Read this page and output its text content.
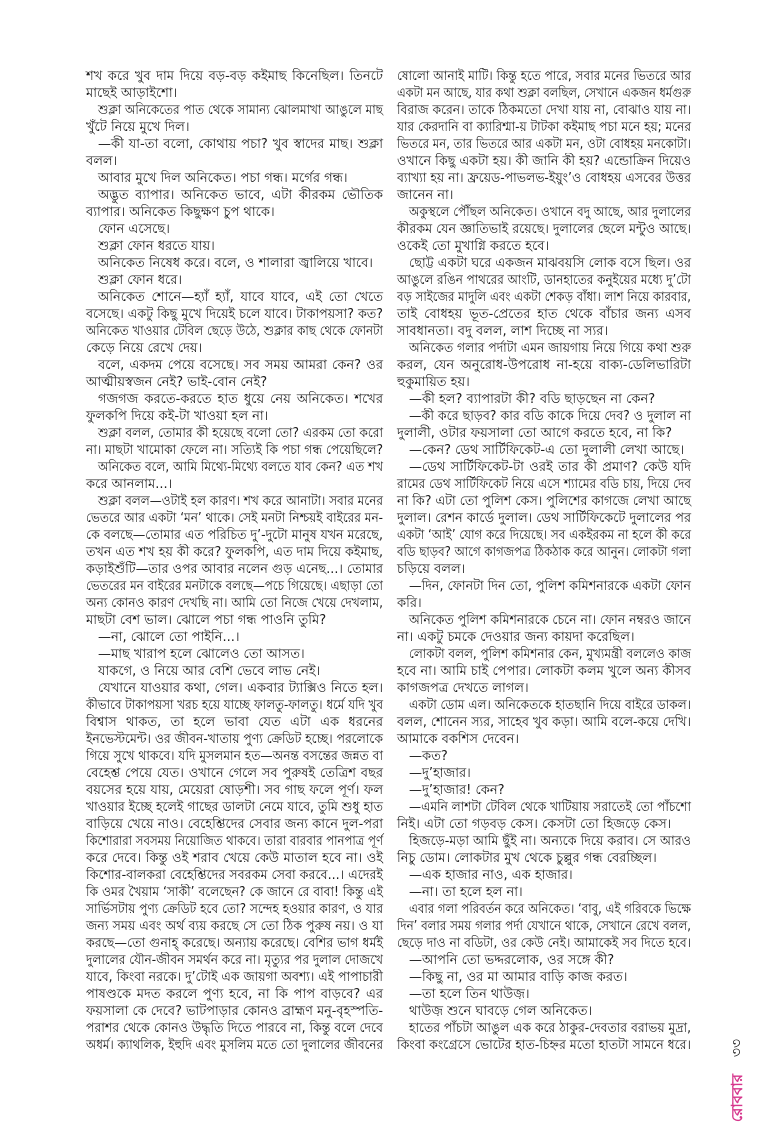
শখ করে খুব দাম দিয়ে বড়-বড় কইমাছ কিনেছিল। তিনটে
মাছেই আড়াইশো।
শুক্লা অনিকেতের পাত থেকে সামান্য ঝোলমাখা আঙুলে মাছ
খুঁটে নিয়ে মুখে দিল।
—কী যা-তা বলো, কোথায় পচা? খুব স্বাদের মাছ। শুক্লা
বলল।
আবার মুখে দিল অনিকেত। পচা গন্ধ। মর্গের গন্ধ।
অদ্ভুত ব্যাপার। অনিকেত ভাবে, এটা কীরকম ভৌতিক
ব্যাপার। অনিকেত কিছুক্ষণ চুপ থাকে।
ফোন এসেছে।
শুক্লা ফোন ধরতে যায়।
অনিকেত নিষেধ করে। বলে, ও শালারা জ্বালিয়ে খাবে।
শুক্লা ফোন ধরে।
অনিকেত শোনে—হ্যাঁ হ্যাঁ, যাবে যাবে, এই তো খেতে
বসেছে। একটু কিছু মুখে দিয়েই চলে যাবে। টাকাপয়সা? কত?
অনিকেত খাওয়ার টেবিল ছেড়ে উঠে, শুক্লার কাছ থেকে ফোনটা
কেড়ে নিয়ে রেখে দেয়।
বলে, একদম পেয়ে বসেছে। সব সময় আমরা কেন? ওর
আত্মীয়স্বজন নেই? ভাই-বোন নেই?
গজগজ করতে-করতে হাত ধুয়ে নেয় অনিকেত। শখের
ফুলকপি দিয়ে কই-টা খাওয়া হল না।
শুক্লা বলল, তোমার কী হয়েছে বলো তো? এরকম তো করো
না। মাছটা খামোকা ফেলে না। সত্যিই কি পচা গন্ধ পেয়েছিলে?
অনিকেত বলে, আমি মিথ্যে-মিথ্যে বলতে যাব কেন? এত শখ
করে আনলাম...।
শুক্লা বলল—ওটাই হল কারণ। শখ করে আনাটা। সবার মনের
ভেতরে আর একটা ‘মন’ থাকে। সেই মনটা নিশ্চয়ই বাইরের মন-
কে বলছে—তোমার এত পরিচিত দু’-দুটো মানুষ যখন মরেছে,
তখন এত শখ হয় কী করে? ফুলকপি, এত দাম দিয়ে কইমাছ,
কড়াইশুঁটি—তার ওপর আবার নলেন গুড় এনেছ...। তোমার
ভেতরের মন বাইরের মনটাকে বলছে—পচে গিয়েছে। এছাড়া তো
অন্য কোনও কারণ দেখছি না। আমি তো নিজে খেয়ে দেখলাম,
মাছটা বেশ ভাল। ঝোলে পচা গন্ধ পাওনি তুমি?
—না, ঝোলে তো পাইনি...।
—মাছ খারাপ হলে ঝোলেও তো আসত।
যাকগে, ও নিয়ে আর বেশি ভেবে লাভ নেই।
যেখানে যাওয়ার কথা, গেল। একবার ট্যাক্সিও নিতে হল।
কীভাবে টাকাপয়সা খরচ হয়ে যাচ্ছে ফালতু-ফালতু। ধর্মে যদি খুব
বিশ্বাস থাকত, তা হলে ভাবা যেত এটা এক ধরনের
ইনভেস্টমেন্ট। ওর জীবন-খাতায় পুণ্য ক্রেডিট হচ্ছে। পরলোকে
গিয়ে সুখে থাকবে। যদি মুসলমান হত—অনন্ত বসন্তের জন্নত বা
বেহেশ্ত পেয়ে যেত। ওখানে গেলে সব পুরুষই তেত্রিশ বছর
বয়সের হয়ে যায়, মেয়েরা ষোড়শী। সব গাছ ফলে পূর্ণ। ফল
খাওয়ার ইচ্ছে হলেই গাছের ডালটা নেমে যাবে, তুমি শুধু হাত
বাড়িয়ে খেয়ে নাও। বেহেশ্তিদের সেবার জন্য কানে দুল-পরা
কিশোরারা সবসময় নিয়োজিত থাকবে। তারা বারবার পানপাত্র পূর্ণ
করে দেবে। কিন্তু ওই শরাব খেয়ে কেউ মাতাল হবে না। ওই
কিশোর-বালকরা বেহেশ্তিদের সবরকম সেবা করবে...। এদেরই
কি ওমর খৈয়াম ‘সাকী’ বলেছেন? কে জানে রে বাবা! কিন্তু এই
সার্ভিসটায় পুণ্য ক্রেডিট হবে তো? সন্দেহ হওয়ার কারণ, ও যার
জন্য সময় এবং অর্থ ব্যয় করছে সে তো ঠিক পুরুষ নয়। ও যা
করছে—তো গুনাহ্ করেছে। অন্যায় করেছে। বেশির ভাগ ধর্মই
দুলালের যৌন-জীবন সমর্থন করে না। মৃত্যুর পর দুলাল দোজখে
যাবে, কিংবা নরকে। দু’টোই এক জায়গা অবশ্য। এই পাপাচারী
পাষণ্ডকে মদত করলে পুণ্য হবে, না কি পাপ বাড়বে? এর
ফয়সালা কে দেবে? ভাটপাড়ার কোনও ব্রাহ্মণ মনু-বৃহস্পতি-
পরাশর থেকে কোনও উদ্ধৃতি দিতে পারবে না, কিন্তু বলে দেবে
অধর্ম। ক্যাথলিক, ইহুদি এবং মুসলিম মতে তো দুলালের জীবনের
ষোলো আনাই মাটি। কিন্তু হতে পারে, সবার মনের ভিতরে আর
একটা মন আছে, যার কথা শুক্লা বলছিল, সেখানে একজন ধর্মগুরু
বিরাজ করেন। তাকে ঠিকমতো দেখা যায় না, বোঝাও যায় না।
যার কেরদানি বা ক্যারিশ্মা-য় টাটকা কইমাছ পচা মনে হয়; মনের
ভিতরে মন, তার ভিতরে আর একটা মন, ওটা বোধহয় মনকোটা।
ওখানে কিছু একটা হয়। কী জানি কী হয়? এন্ডোক্রিন দিয়েও
ব্যাখ্যা হয় না। ফ্রয়েড-পাভলভ-ইয়ুং’ও বোধহয় এসবের উত্তর
জানেন না।
অকুস্থলে পৌঁছল অনিকেত। ওখানে বদু আছে, আর দুলালের
কীরকম যেন জ্ঞাতিভাই রয়েছে। দুলালের ছেলে মন্টুও আছে।
ওকেই তো মুখাগ্নি করতে হবে।
ছোট্ট একটা ঘরে একজন মাঝবয়সি লোক বসে ছিল। ওর
আঙুলে রঙিন পাথরের আংটি, ডানহাতের কনুইয়ের মধ্যে দু’টো
বড় সাইজের মাদুলি এবং একটা শেকড় বাঁধা। লাশ নিয়ে কারবার,
তাই বোধহয় ভূত-প্রেতের হাত থেকে বাঁচার জন্য এসব
সাবধানতা। বদু বলল, লাশ দিচ্ছে না স্যর।
অনিকেত গলার পর্দাটা এমন জায়গায় নিয়ে গিয়ে কথা শুরু
করল, যেন অনুরোধ-উপরোধ না-হয়ে বাক্য-ডেলিভারিটা
হুকুমায়িত হয়।
—কী হল? ব্যাপারটা কী? বডি ছাড়ছেন না কেন?
—কী করে ছাড়ব? কার বডি কাকে দিয়ে দেব? ও দুলাল না
দুলালী, ওটার ফয়সালা তো আগে করতে হবে, না কি?
—কেন? ডেথ সার্টিফিকেট-এ তো দুলালী লেখা আছে।
—ডেথ সার্টিফিকেট-টা ওরই তার কী প্রমাণ? কেউ যদি
রামের ডেথ সার্টিফিকেট নিয়ে এসে শ্যামের বডি চায়, দিয়ে দেব
না কি? এটা তো পুলিশ কেস। পুলিশের কাগজে লেখা আছে
দুলাল। রেশন কার্ডে দুলাল। ডেথ সার্টিফিকেটে দুলালের পর
একটা ‘আই’ যোগ করে দিয়েছে। সব একইরকম না হলে কী করে
বডি ছাড়ব? আগে কাগজপত্র ঠিকঠাক করে আনুন। লোকটা গলা
চড়িয়ে বলল।
—দিন, ফোনটা দিন তো, পুলিশ কমিশনারকে একটা ফোন
করি।
অনিকেত পুলিশ কমিশনারকে চেনে না। ফোন নম্বরও জানে
না। একটু চমকে দেওয়ার জন্য কায়দা করেছিল।
লোকটা বলল, পুলিশ কমিশনার কেন, মুখ্যমন্ত্রী বললেও কাজ
হবে না। আমি চাই পেপার। লোকটা কলম খুলে অন্য কীসব
কাগজপত্র দেখতে লাগল।
একটা ডোম এল। অনিকেতকে হাতছানি দিয়ে বাইরে ডাকল।
বলল, শোনেন স্যর, সাহেব খুব কড়া। আমি বলে-কয়ে দেখি।
আমাকে বকশিস দেবেন।
—কত?
—দু’হাজার।
—দু’হাজার! কেন?
—এমনি লাশটা টেবিল থেকে খাটিয়ায় সরাতেই তো পাঁচশো
নিই। এটা তো গড়বড় কেস। কেসটা তো হিজড়ে কেস।
হিজড়ে-মড়া আমি ছুঁই না। অন্যকে দিয়ে করাব। সে আরও
নিচু ডোম। লোকটার মুখ থেকে চুল্লুর গন্ধ বেরচ্ছিল।
—এক হাজার নাও, এক হাজার।
—না। তা হলে হল না।
এবার গলা পরিবর্তন করে অনিকেত। ‘বাবু, এই গরিবকে ভিক্ষে
দিন’ বলার সময় গলার পর্দা যেখানে থাকে, সেখানে রেখে বলল,
ছেড়ে দাও না বডিটা, ওর কেউ নেই। আমাকেই সব দিতে হবে।
—আপনি তো ভদ্দরলোক, ওর সঙ্গে কী?
—কিছু না, ওর মা আমার বাড়ি কাজ করত।
—তা হলে তিন থাউজ়।
থাউজ় শুনে ঘাবড়ে গেল অনিকেত।
হাতের পাঁচটা আঙুল এক করে ঠাকুর-দেবতার বরাভয় মুদ্রা,
কিংবা কংগ্রেসে ভোটের হাত-চিহ্নর মতো হাতটা সামনে ধরে।	৩৩
রোববার
